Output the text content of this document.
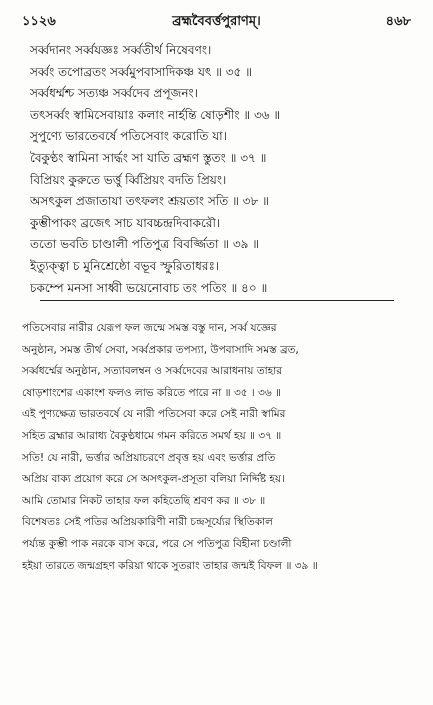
১১২৬	ব্রহ্মবৈবর্ত্তপুরাণম্।	৪৬৮
সর্ব্বদানং সর্ব্বযজ্ঞঃ সর্ব্বতীর্থ নিষেবণং।
সর্ব্বং তপোব্রতং সর্ব্বমুপবাসাদিকঞ্চ যৎ ॥ ৩৫ ॥
সর্ব্বধর্ম্মশ্চ সত্যঞ্চ সর্ব্বদেব প্রপূজনং।
তৎসর্ব্বং স্বামিসেবায়াঃ কলাং নার্হন্তি ষোড়শীং ॥ ৩৬ ॥
সুপুণ্যে ভারতেবর্ষে পতিসেবাং করোতি যা।
বৈকুণ্ঠং স্বামিনা সার্দ্ধং সা যাতি ব্রহ্মণ স্তুতং ॥ ৩৭ ॥
বিপ্রিয়ং কুরুতে ভর্ত্তু র্ব্বিপ্রিয়ং বদতি প্রিয়ং।
অসৎকুল প্রজাতাযা তৎফলং শ্রূয়তাং সতি ॥ ৩৮ ॥
কুম্ভীপাকং ব্রজেৎ সাচ যাবচ্চন্দ্রদিবাকরৌ।
ততো ভবতি চাণ্ডালী পতিপুত্র বিবর্জ্জিতা ॥ ৩৯ ॥
ইত্যুক্ত্বা চ মুনিশ্রেষ্ঠো বভূব স্ফুরিতাধরঃ।
চকম্পে মনসা সাধ্বী ভয়েনোবাচ তং পতিং ॥ ৪০ ॥
পতিসেবার নারীর যেরূপ ফল জন্মে সমস্ত বস্তু দান, সর্ব্ব যজ্ঞের
অনুষ্ঠান, সমস্ত তীর্থ সেবা, সর্ব্বপ্রকার তপস্যা, উপবাসাদি সমস্ত ব্রত,
সর্ব্বধর্ম্মের অনুষ্ঠান, সত্যাবলম্বন ও সর্ব্বদেবের আরাধনায় তাহার
ষোড়শাংশের একাংশ ফলও লাভ করিতে পারে না ॥ ৩৫ । ৩৬ ॥
এই পুণ্যক্ষেত্র ভারতবর্ষে যে নারী পতিসেবা করে সেই নারী স্বামির
সহিত ব্রহ্মার আরাধ্য বৈকুণ্ঠধামে গমন করিতে সমর্থ হয় ॥ ৩৭ ॥
সতি! যে নারী, ভর্ত্তার অপ্রিয়াচরণে প্রবৃত্ত হয় এবং ভর্ত্তার প্রতি
অপ্রিয় বাক্য প্রয়োগ করে সে অসৎকুল-প্রসূতা বলিয়া নির্দ্দিষ্ট হয়।
আমি তোমার নিকট তাহার ফল কহিতেছি শ্রবণ কর ॥ ৩৮ ॥
বিশেষতঃ সেই পতির অপ্রিয়কারিণী নারী চন্দ্রসূর্য্যের স্থিতিকাল
পর্য্যন্ত কুম্ভী পাক নরকে বাস করে, পরে সে পতিপুত্র বিহীনা চণ্ডালী
হইয়া তারতে জন্মগ্রহণ করিয়া থাকে সুতরাং তাহার জন্মই বিফল ॥ ৩৯ ॥
